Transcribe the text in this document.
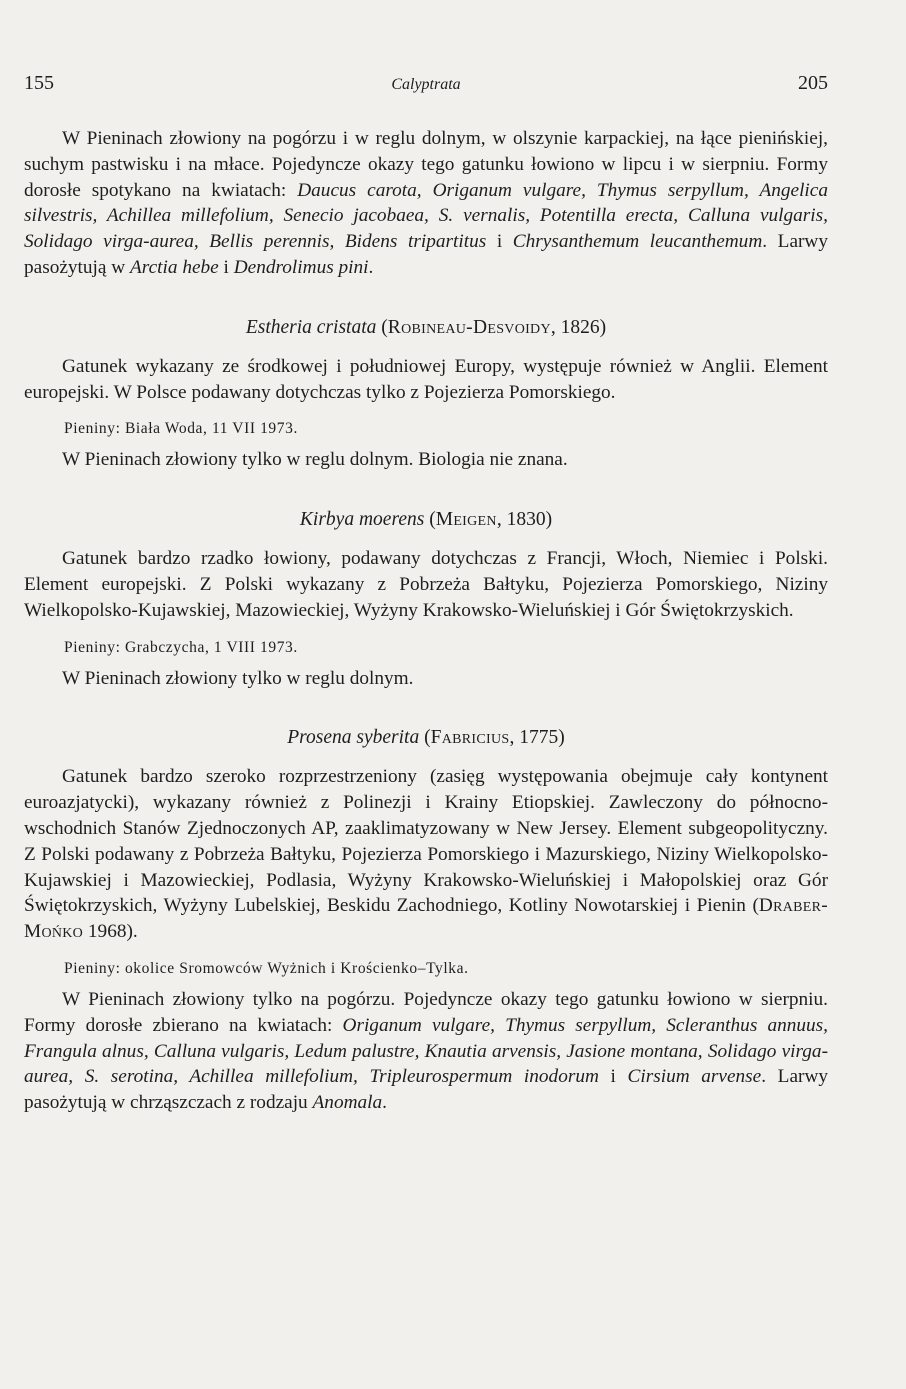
155	Calyptrata	205

W Pieninach złowiony na pogórzu i w reglu dolnym, w olszynie karpackiej, na łące pienińskiej, suchym pastwisku i na młace. Pojedyncze okazy tego gatunku łowiono w lipcu i w sierpniu. Formy dorosłe spotykano na kwiatach: Daucus carota, Origanum vulgare, Thymus serpyllum, Angelica silvestris, Achillea millefolium, Senecio jacobaea, S. vernalis, Potentilla erecta, Calluna vulgaris, Solidago virga-aurea, Bellis perennis, Bidens tripartitus i Chrysanthemum leucanthemum. Larwy pasożytują w Arctia hebe i Dendrolimus pini.

Estheria cristata (Robineau-Desvoidy, 1826)

Gatunek wykazany ze środkowej i południowej Europy, występuje również w Anglii. Element europejski. W Polsce podawany dotychczas tylko z Pojezierza Pomorskiego.

Pieniny: Biała Woda, 11 VII 1973.

W Pieninach złowiony tylko w reglu dolnym. Biologia nie znana.

Kirbya moerens (Meigen, 1830)

Gatunek bardzo rzadko łowiony, podawany dotychczas z Francji, Włoch, Niemiec i Polski. Element europejski. Z Polski wykazany z Pobrzeża Bałtyku, Pojezierza Pomorskiego, Niziny Wielkopolsko-Kujawskiej, Mazowieckiej, Wyżyny Krakowsko-Wieluńskiej i Gór Świętokrzyskich.

Pieniny: Grabczycha, 1 VIII 1973.

W Pieninach złowiony tylko w reglu dolnym.

Prosena syberita (Fabricius, 1775)

Gatunek bardzo szeroko rozprzestrzeniony (zasięg występowania obejmuje cały kontynent euroazjatycki), wykazany również z Polinezji i Krainy Etiopskiej. Zawleczony do północno-wschodnich Stanów Zjednoczonych AP, zaaklimatyzowany w New Jersey. Element subgeopolityczny. Z Polski podawany z Pobrzeża Bałtyku, Pojezierza Pomorskiego i Mazurskiego, Niziny Wielkopolsko-Kujawskiej i Mazowieckiej, Podlasia, Wyżyny Krakowsko-Wieluńskiej i Małopolskiej oraz Gór Świętokrzyskich, Wyżyny Lubelskiej, Beskidu Zachodniego, Kotliny Nowotarskiej i Pienin (Draber-Mońko 1968).

Pieniny: okolice Sromowców Wyżnich i Krościenko–Tylka.

W Pieninach złowiony tylko na pogórzu. Pojedyncze okazy tego gatunku łowiono w sierpniu. Formy dorosłe zbierano na kwiatach: Origanum vulgare, Thymus serpyllum, Scleranthus annuus, Frangula alnus, Calluna vulgaris, Ledum palustre, Knautia arvensis, Jasione montana, Solidago virga-aurea, S. serotina, Achillea millefolium, Tripleurospermum inodorum i Cirsium arvense. Larwy pasożytują w chrząszczach z rodzaju Anomala.
